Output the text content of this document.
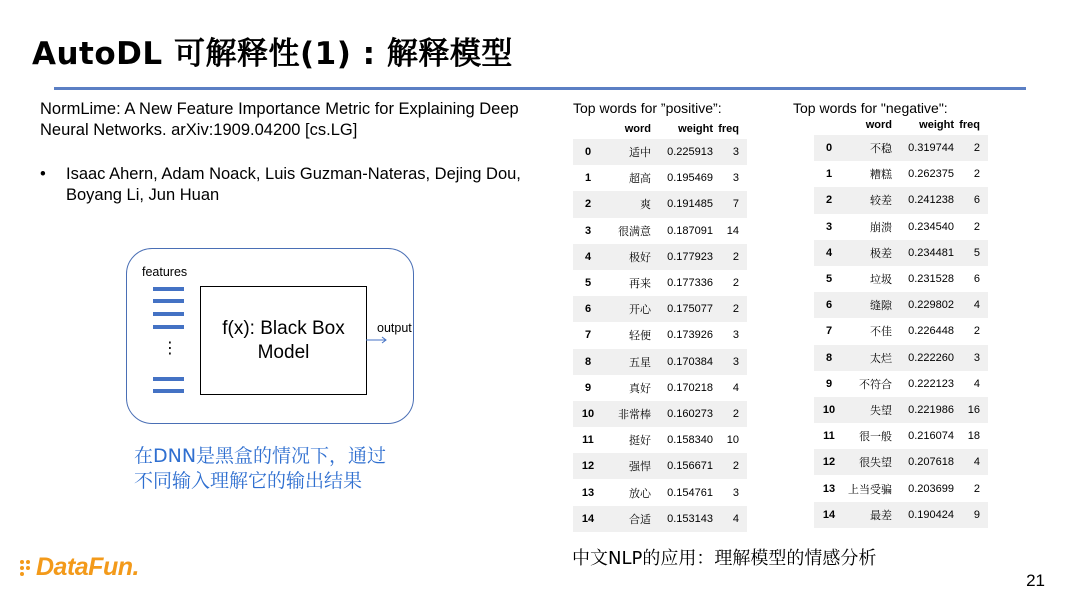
AutoDL 可解释性(1) : 解释模型
NormLime: A New Feature Importance Metric for Explaining Deep Neural Networks. arXiv:1909.04200 [cs.LG]
•	Isaac Ahern, Adam Noack, Luis Guzman-Nateras, Dejing Dou, Boyang Li, Jun Huan
features
⋮
f(x): Black Box
Model
output
在DNN是黑盒的情况下，通过
不同输入理解它的输出结果
Top words for ”positive”:
word	weight freq
0	适中	0.225913	3
1	超高	0.195469	3
2	爽	0.191485	7
3	很满意	0.187091	14
4	极好	0.177923	2
5	再来	0.177336	2
6	开心	0.175077	2
7	轻便	0.173926	3
8	五星	0.170384	3
9	真好	0.170218	4
10	非常棒	0.160273	2
11	挺好	0.158340	10
12	强悍	0.156671	2
13	放心	0.154761	3
14	合适	0.153143	4
Top words for "negative":
word	weight freq
0	不稳	0.319744	2
1	糟糕	0.262375	2
2	较差	0.241238	6
3	崩溃	0.234540	2
4	极差	0.234481	5
5	垃圾	0.231528	6
6	缝隙	0.229802	4
7	不佳	0.226448	2
8	太烂	0.222260	3
9	不符合	0.222123	4
10	失望	0.221986	16
11	很一般	0.216074	18
12	很失望	0.207618	4
13	上当受骗	0.203699	2
14	最差	0.190424	9
中文NLP的应用：理解模型的情感分析
DataFun.	21
